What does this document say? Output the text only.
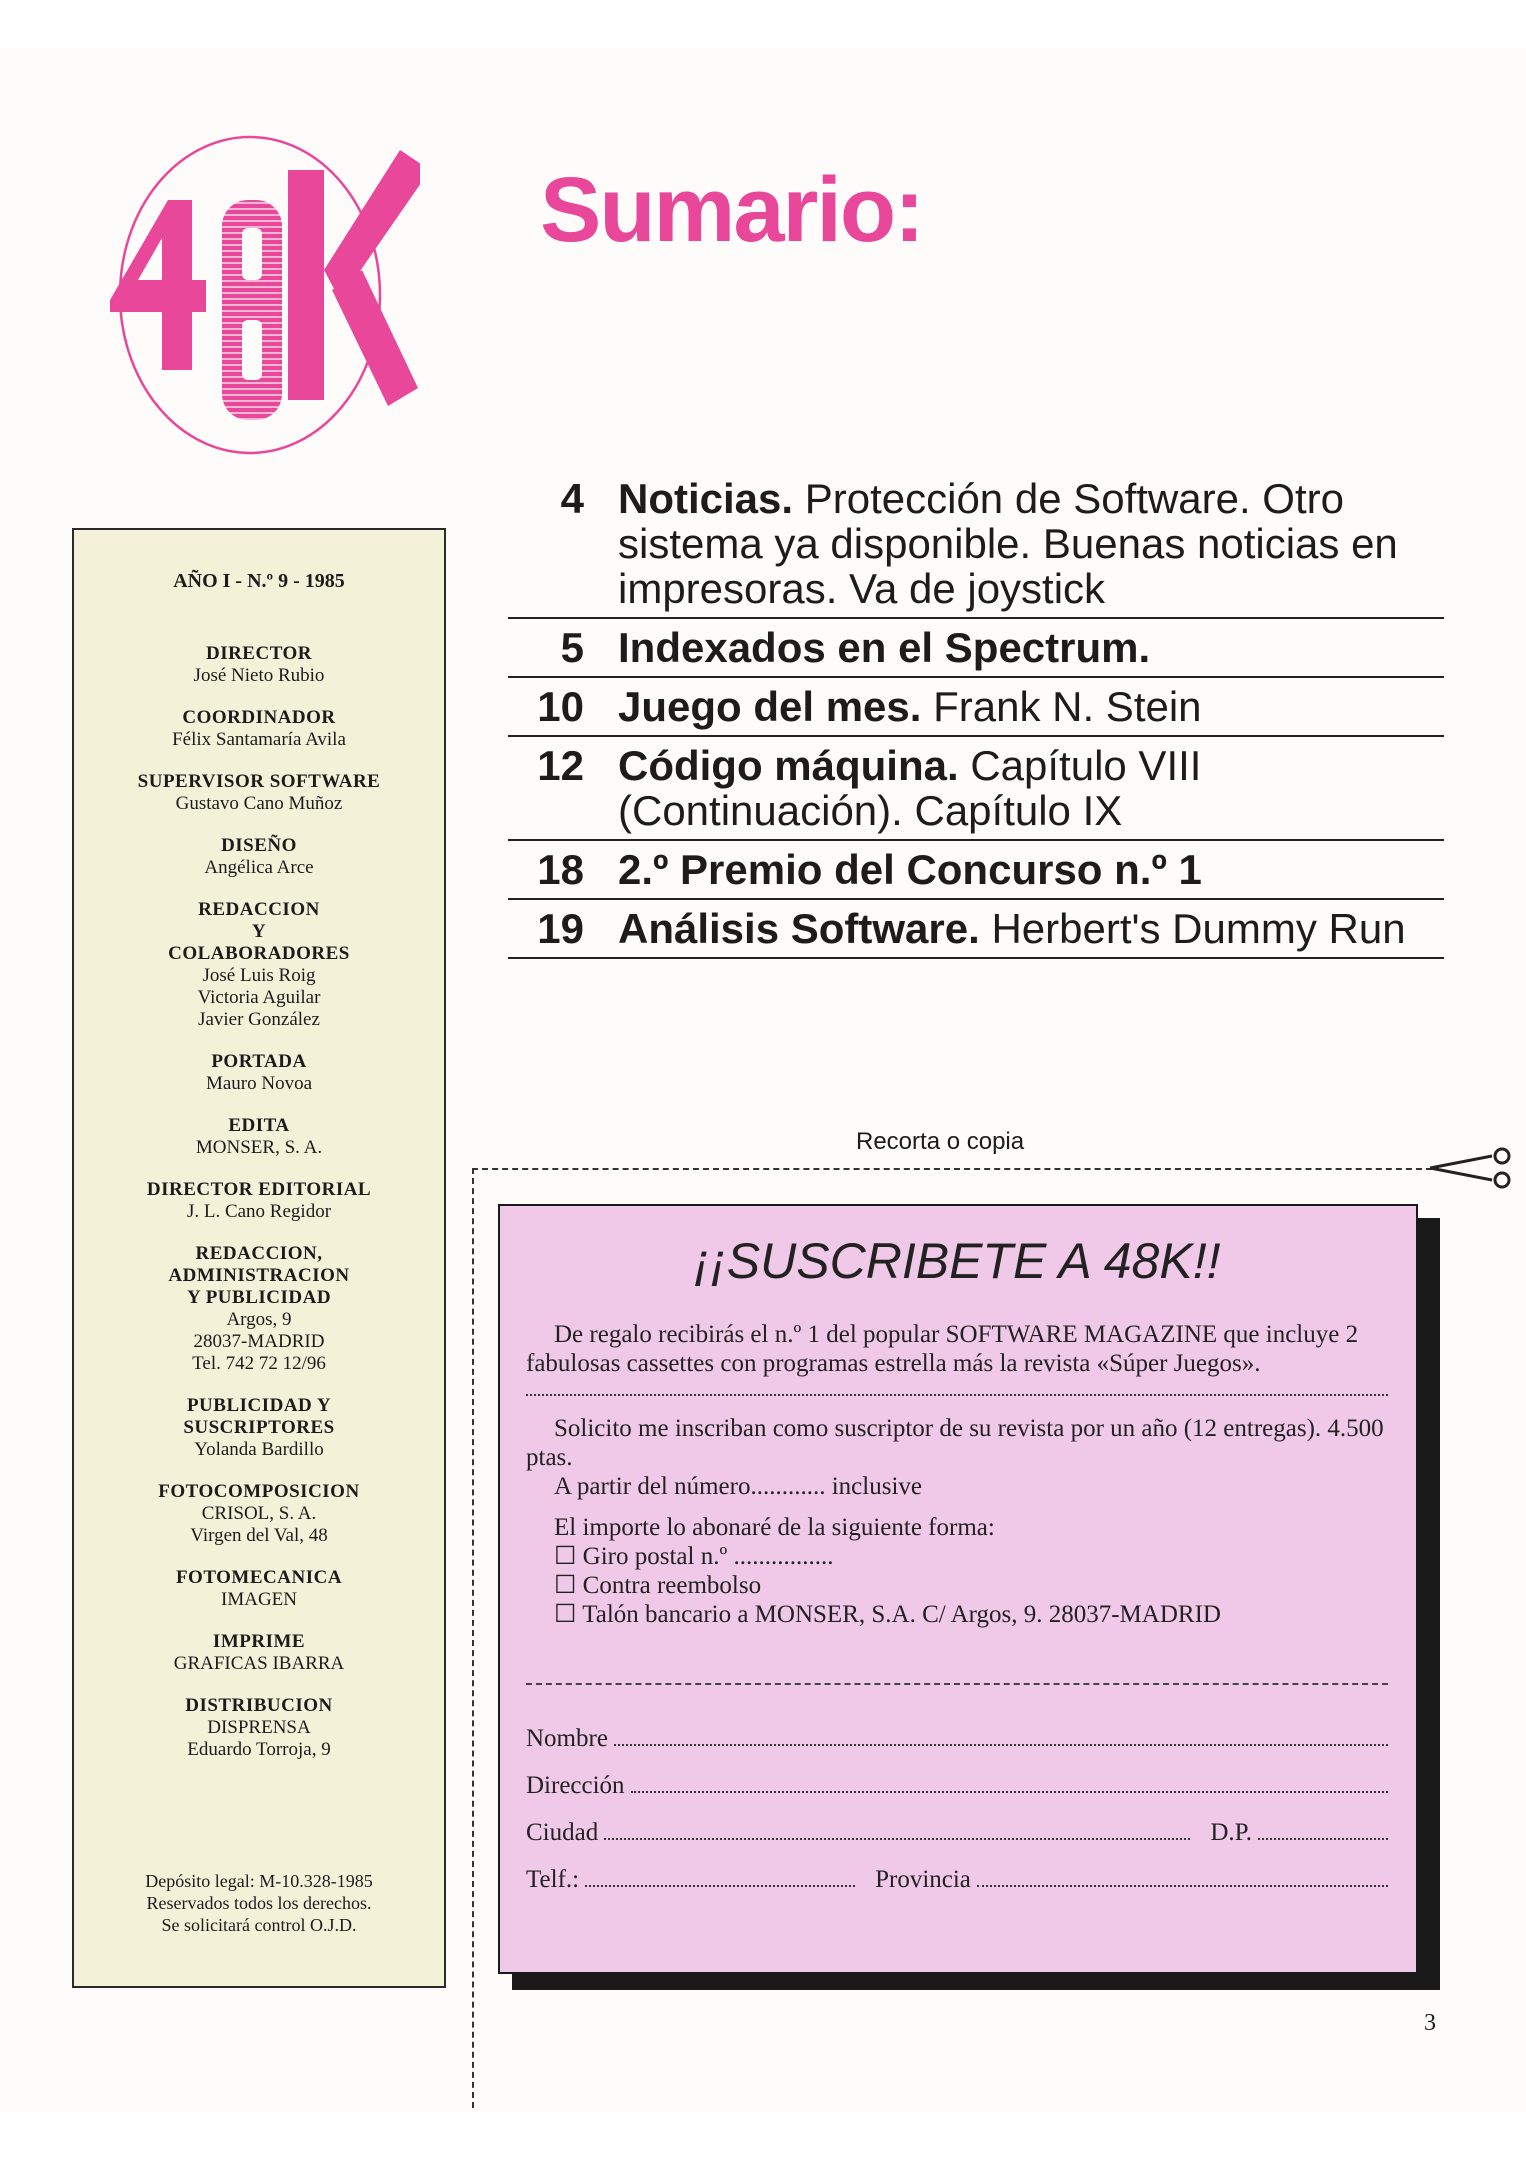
Sumario:
AÑO I - N.º 9 - 1985
DIRECTOR
José Nieto Rubio
COORDINADOR
Félix Santamaría Avila
SUPERVISOR SOFTWARE
Gustavo Cano Muñoz
DISEÑO
Angélica Arce
REDACCION
Y
COLABORADORES
José Luis Roig
Victoria Aguilar
Javier González
PORTADA
Mauro Novoa
EDITA
MONSER, S. A.
DIRECTOR EDITORIAL
J. L. Cano Regidor
REDACCION,
ADMINISTRACION
Y PUBLICIDAD
Argos, 9
28037-MADRID
Tel. 742 72 12/96
PUBLICIDAD Y
SUSCRIPTORES
Yolanda Bardillo
FOTOCOMPOSICION
CRISOL, S. A.
Virgen del Val, 48
FOTOMECANICA
IMAGEN
IMPRIME
GRAFICAS IBARRA
DISTRIBUCION
DISPRENSA
Eduardo Torroja, 9
Depósito legal: M-10.328-1985
Reservados todos los derechos.
Se solicitará control O.J.D.
4 Noticias. Protección de Software. Otro sistema ya disponible. Buenas noticias en impresoras. Va de joystick
5 Indexados en el Spectrum.
10 Juego del mes. Frank N. Stein
12 Código máquina. Capítulo VIII (Continuación). Capítulo IX
18 2.º Premio del Concurso n.º 1
19 Análisis Software. Herbert's Dummy Run
Recorta o copia
¡¡SUSCRIBETE A 48K!!
De regalo recibirás el n.º 1 del popular SOFTWARE MAGAZINE que incluye 2 fabulosas cassettes con programas estrella más la revista «Súper Juegos».
Solicito me inscriban como suscriptor de su revista por un año (12 entregas). 4.500 ptas.
A partir del número............ inclusive
El importe lo abonaré de la siguiente forma:
☐ Giro postal n.º ................
☐ Contra reembolso
☐ Talón bancario a MONSER, S.A. C/ Argos, 9. 28037-MADRID
Nombre
Dirección
Ciudad	D.P.
Telf.:	Provincia
3
